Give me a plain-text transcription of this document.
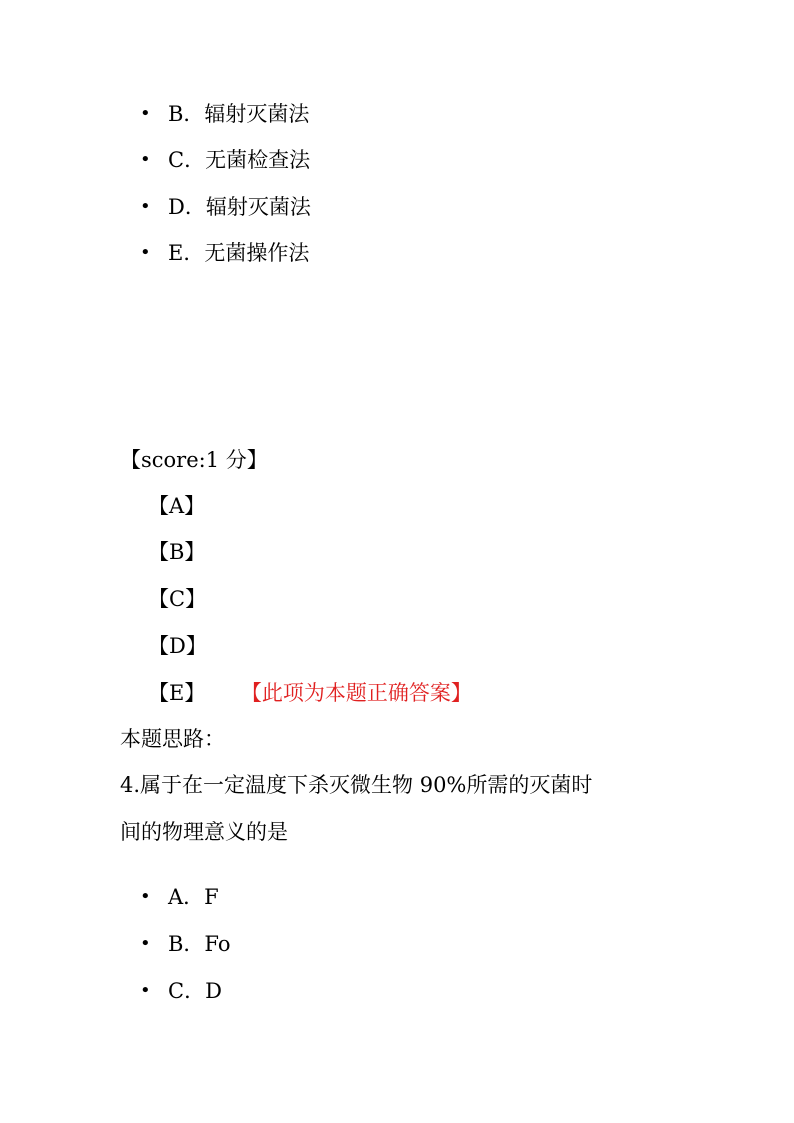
• B．辐射灭菌法
• C．无菌检查法
• D．辐射灭菌法
• E．无菌操作法
【score:1 分】
【A】
【B】
【C】
【D】
【E】 【此项为本题正确答案】
本题思路：
4.属于在一定温度下杀灭微生物 90%所需的灭菌时
间的物理意义的是
• A．F
• B．Fo
• C．D
